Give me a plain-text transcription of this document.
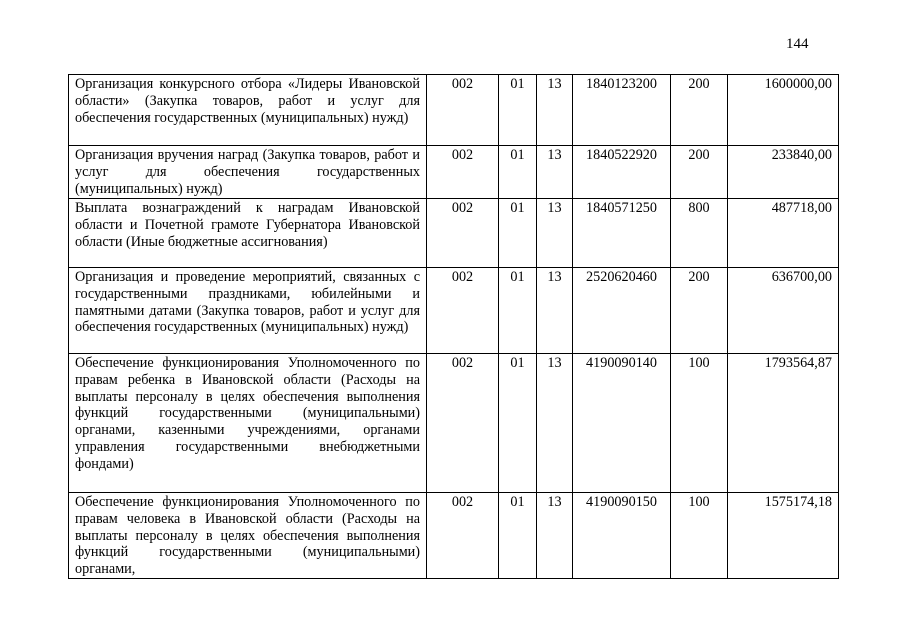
144
Организация конкурсного отбора «Лидеры Ивановской области» (Закупка товаров, работ и услуг для обеспечения государственных (муниципальных) нужд)	002	01	13	1840123200	200	1600000,00
Организация вручения наград (Закупка товаров, работ и услуг для обеспечения государственных (муниципальных) нужд)	002	01	13	1840522920	200	233840,00
Выплата вознаграждений к наградам Ивановской области и Почетной грамоте Губернатора Ивановской области (Иные бюджетные ассигнования)	002	01	13	1840571250	800	487718,00
Организация и проведение мероприятий, связанных с государственными праздниками, юбилейными и памятными датами (Закупка товаров, работ и услуг для обеспечения государственных (муниципальных) нужд)	002	01	13	2520620460	200	636700,00
Обеспечение функционирования Уполномоченного по правам ребенка в Ивановской области (Расходы на выплаты персоналу в целях обеспечения выполнения функций государственными (муниципальными) органами, казенными учреждениями, органами управления государственными внебюджетными фондами)	002	01	13	4190090140	100	1793564,87
Обеспечение функционирования Уполномоченного по правам человека в Ивановской области (Расходы на выплаты персоналу в целях обеспечения выполнения функций государственными (муниципальными) органами,	002	01	13	4190090150	100	1575174,18
